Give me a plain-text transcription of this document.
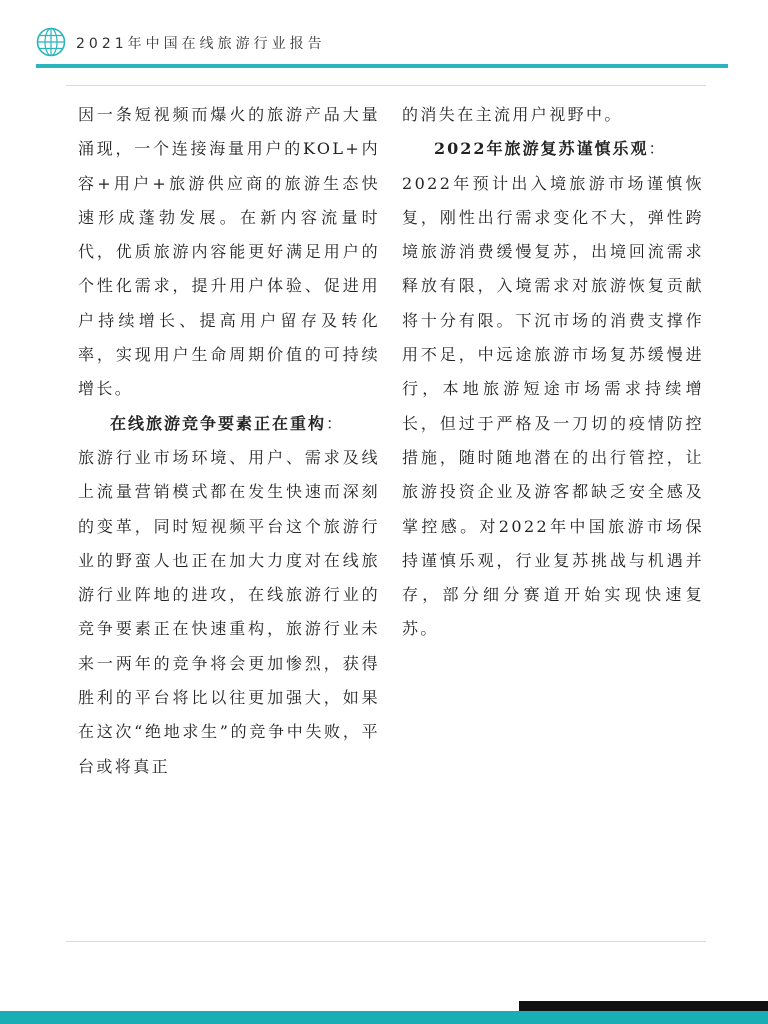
2021年中国在线旅游行业报告

因一条短视频而爆火的旅游产品大量涌现，一个连接海量用户的KOL+内容+用户+旅游供应商的旅游生态快速形成蓬勃发展。在新内容流量时代，优质旅游内容能更好满足用户的个性化需求，提升用户体验、促进用户持续增长、提高用户留存及转化率，实现用户生命周期价值的可持续增长。

在线旅游竞争要素正在重构：

旅游行业市场环境、用户、需求及线上流量营销模式都在发生快速而深刻的变革，同时短视频平台这个旅游行业的野蛮人也正在加大力度对在线旅游行业阵地的进攻，在线旅游行业的竞争要素正在快速重构，旅游行业未来一两年的竞争将会更加惨烈，获得胜利的平台将比以往更加强大，如果在这次“绝地求生”的竞争中失败，平台或将真正

的消失在主流用户视野中。

2022年旅游复苏谨慎乐观：

2022年预计出入境旅游市场谨慎恢复，刚性出行需求变化不大，弹性跨境旅游消费缓慢复苏，出境回流需求释放有限，入境需求对旅游恢复贡献将十分有限。下沉市场的消费支撑作用不足，中远途旅游市场复苏缓慢进行，本地旅游短途市场需求持续增长，但过于严格及一刀切的疫情防控措施，随时随地潜在的出行管控，让旅游投资企业及游客都缺乏安全感及掌控感。对2022年中国旅游市场保持谨慎乐观，行业复苏挑战与机遇并存，部分细分赛道开始实现快速复苏。
